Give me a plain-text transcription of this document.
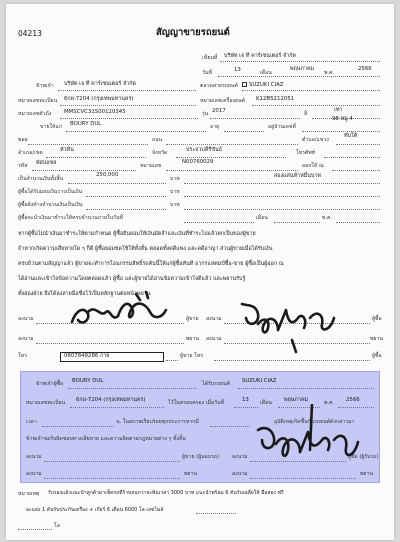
04213	สัญญาขายรถยนต์
เขียนที่ บริษัท เจ ที คาร์เซนเตอร์ จำกัด
วันที่	13	เดือน
พฤษภาคม
พ.ศ.
2566
ข้าพเจ้า บริษัท เจ ที คาร์เซนเตอร์ จำกัด	ตลาดสายรถยนต์	SUZUKI CIAZ
หมายเลขทะเบียน 6กย-7204 (กรุงเทพมหานคร)	หมายเลขเครื่องยนต์ K12B5212051
หมายเลขตัวถัง MMSCVC31S00120345	รุ่น 2017	สี
เทา
ขายให้แก่ BOURY DUL	อายุ	อยู่บ้านเลขที่
98 หมู่ 4
ซอย	ถนน	ตำบล/แขวง
ทับใต้
อำเภอ/เขต	หัวหิน	จังหวัด	ประจวบคีรีขันธ์	โทรศัพท์
รหัส พัสบ่อซล	หมายเลข
N00760029
ออกให้ ณ
เป็นจำนวนเงินทั้งสิ้น
250,000
บาท	สองแสนห้าหมื่นบาท
ผู้ซื้อได้รับมอบเงินวางเป็นเงิน	บาท
ผู้ซื้อยังค้างจำนวนเงินเป็นเงิน	บาท
ผู้ซื้อจะนำเงินมาชำระให้ครบจำนวนภายในวันที่	เดือน	พ.ศ.
หากผู้ซื้อไม่นำเงินมาชำระให้ตามกำหนด ผู้ซื้อยินยอมให้เงินมัดจำและเงินที่ชำระไปแล้วตกเป็นของผู้ขาย
ถ้าหากเกิดความเสียหายใด ๆ ก็ดี ผู้ซื้อยอมชดใช้ให้ทั้งสิ้น ตลอดทั้งคดีแพ่ง และคดีอาญา ส่วนผู้ขายเมื่อได้รับเงิน
ครบถ้วนตามสัญญาแล้ว ผู้ขายจะทำการโอนกรรมสิทธิ์รถคันนี้ให้แก่ผู้ซื้อทันที อากรแสตมป์ซื้อ-ขาย ผู้ซื้อเป็นผู้ออก ณ
ได้อ่านและเข้าใจข้อความโดยตลอดแล้ว ผู้ซื้อ และผู้ขายได้อ่านข้อความเข้าใจดีแล้ว และพยานรับรู้
ทั้งสองฝ่าย จึงได้ลงลายมือชื่อไว้เป็นหลักฐานต่อหน้าพยาน
ลงนาม	ผู้ขาย ลงนาม	ผู้ซื้อ
ลงนาม	พยาน ลงนาม	พยาน
โทร	0807848286 กาย	ผู้ขาย โทร	ผู้ซื้อ
ข้าพเจ้าผู้ซื้อ BOURY DUL	ได้รับรถยนต์ SUZUKI CIAZ
หมายเลขทะเบียน 6กย-7204 (กรุงเทพมหานคร)	ไว้ในครอบครอง เมื่อวันที่	13 เดือน พฤษภาคม	พ.ศ. 2566
เวลา	น. ในสภาพเรียบร้อยทุกประการหากมี	อุบัติเหตุเกิดขึ้นกับรถยนต์ดังกล่าวมา
ข้าพเจ้าขอรับผิดชอบทางเสียหาย และความผิดตามกฎหมายต่าง ๆ ทั้งสิ้น
ลงนาม	ผู้ขาย (ผู้มอบรถ) ลงนาม	ผู้ซื้อ (ผู้รับรถ)
ลงนาม	พยาน	ลงนาม	พยาน
หมายเหตุ รับรองแล้วแนะนำลูกค้ามาเช็ครถที่ร้านจนกว่าจะพ้นเวลา 3000 บาท แนะนำพร้อม 6 คันรับเฉลี่ยให้ มือสอง ฟรี
อะแล่ง 1 คันรับประกันเครื่อง + เกียร์ 6 เดือน 6000 โล เลขไมล์
โล
